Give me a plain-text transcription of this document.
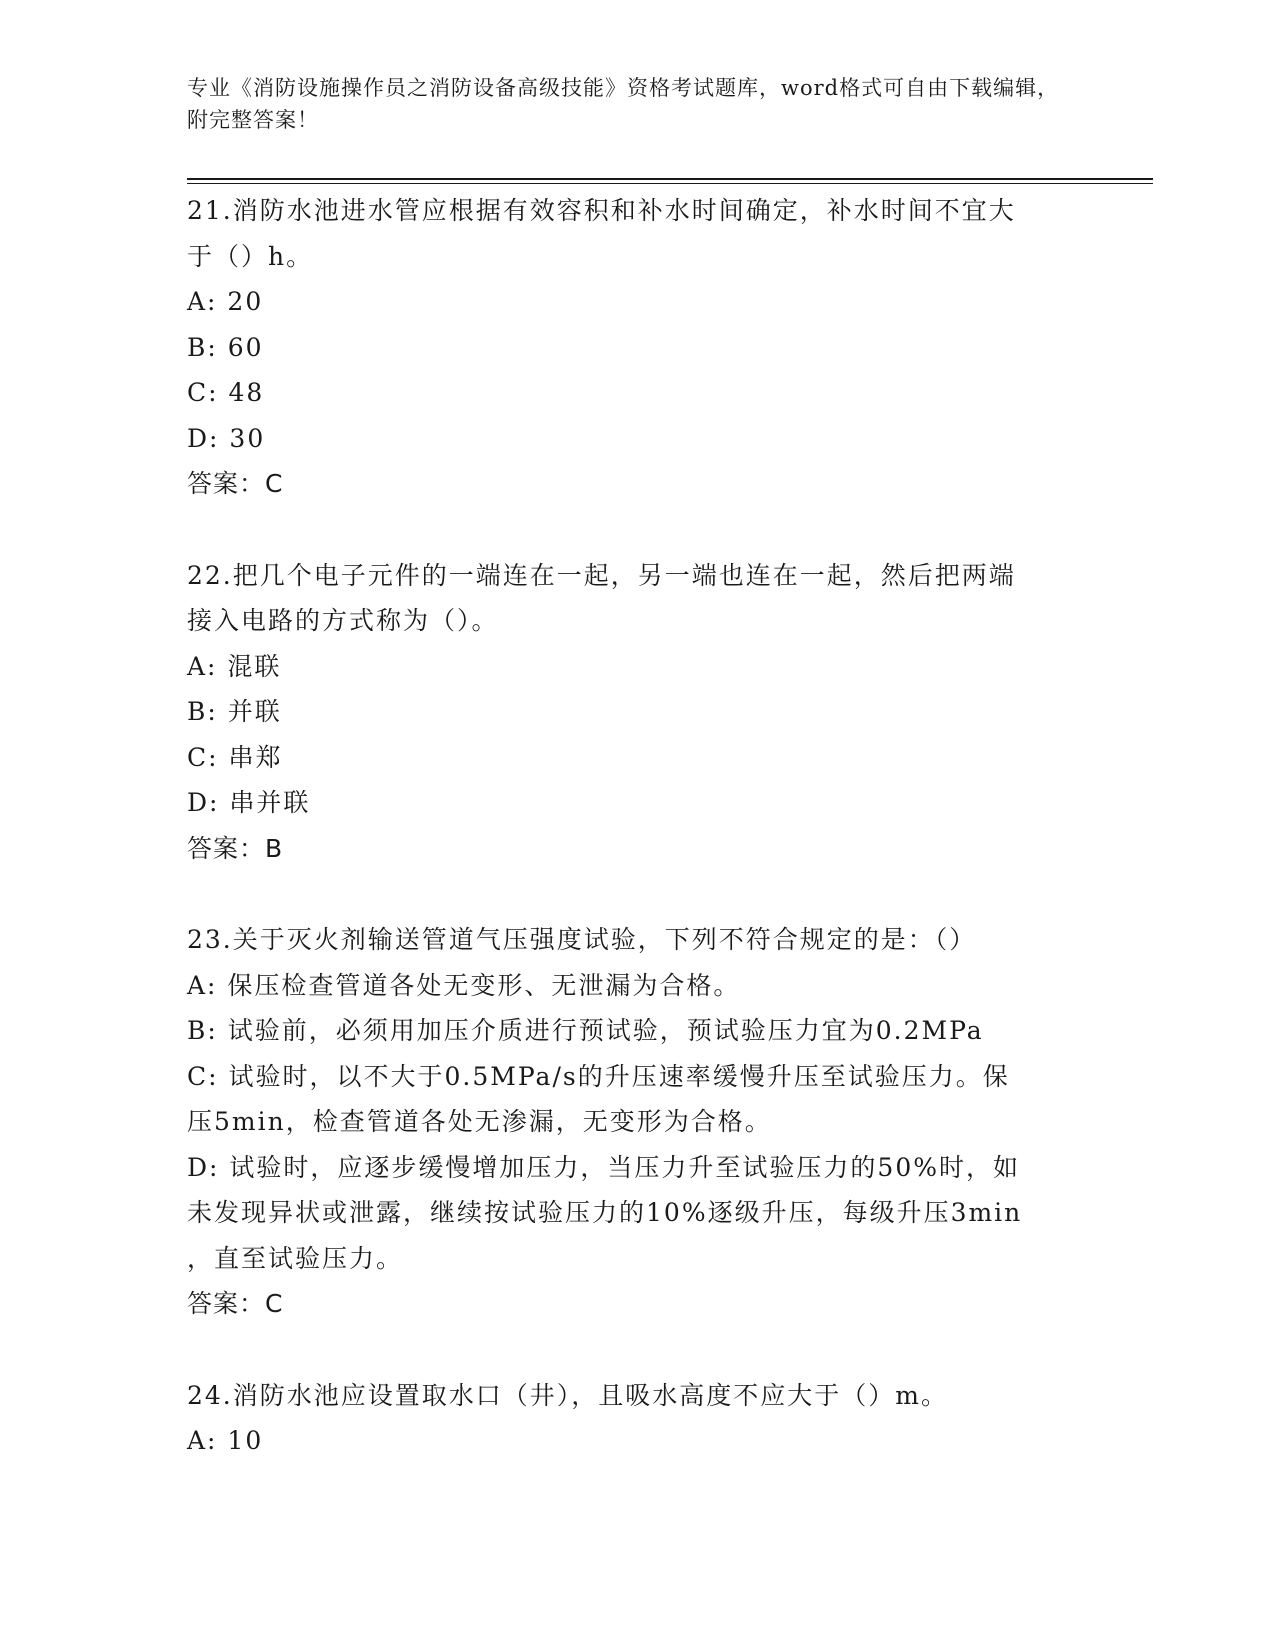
专业《消防设施操作员之消防设备高级技能》资格考试题库，word格式可自由下载编辑，附完整答案！
21.消防水池进水管应根据有效容积和补水时间确定，补水时间不宜大
于（）h。
A: 20
B: 60
C: 48
D: 30
答案：C
22.把几个电子元件的一端连在一起，另一端也连在一起，然后把两端
接入电路的方式称为（）。
A: 混联
B: 并联
C: 串郑
D: 串并联
答案：B
23.关于灭火剂输送管道气压强度试验，下列不符合规定的是：（）
A: 保压检查管道各处无变形、无泄漏为合格。
B: 试验前，必须用加压介质进行预试验，预试验压力宜为0.2MPa
C: 试验时，以不大于0.5MPa/s的升压速率缓慢升压至试验压力。保
压5min，检查管道各处无渗漏，无变形为合格。
D: 试验时，应逐步缓慢增加压力，当压力升至试验压力的50%时，如
未发现异状或泄露，继续按试验压力的10%逐级升压，每级升压3min
，直至试验压力。
答案：C
24.消防水池应设置取水口（井），且吸水高度不应大于（）m。
A: 10
